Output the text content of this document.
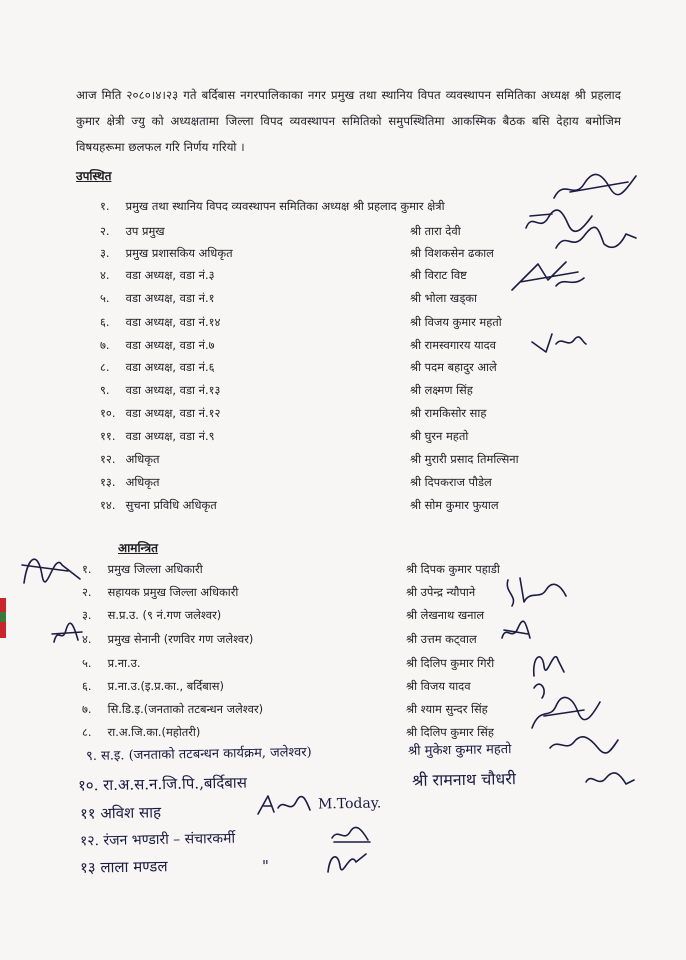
आज मिति २०८०।४।२३ गते बर्दिबास नगरपालिकाका नगर प्रमुख तथा स्थानिय विपत व्यवस्थापन समितिका अध्यक्ष श्री प्रहलाद कुमार क्षेत्री ज्यु को अध्यक्षतामा जिल्ला विपद व्यवस्थापन समितिको समुपस्थितिमा आकस्मिक बैठक बसि देहाय बमोजिम विषयहरूमा छलफल गरि निर्णय गरियो ।
उपस्थित
१. प्रमुख तथा स्थानिय विपद व्यवस्थापन समितिका अध्यक्ष श्री प्रहलाद कुमार क्षेत्री
२. उप प्रमुख	श्री तारा देवी
३. प्रमुख प्रशासकिय अधिकृत	श्री विशकसेन ढकाल
४. वडा अध्यक्ष, वडा नं.३	श्री विराट विष्ट
५. वडा अध्यक्ष, वडा नं.१	श्री भोला खड्का
६. वडा अध्यक्ष, वडा नं.१४	श्री विजय कुमार महतो
७. वडा अध्यक्ष, वडा नं.७	श्री रामस्वगारय यादव
८. वडा अध्यक्ष, वडा नं.६	श्री पदम बहादुर आले
९. वडा अध्यक्ष, वडा नं.१३	श्री लक्ष्मण सिंह
१०. वडा अध्यक्ष, वडा नं.१२	श्री रामकिसोर साह
११. वडा अध्यक्ष, वडा नं.९	श्री घुरन महतो
१२. अधिकृत	श्री मुरारी प्रसाद तिमल्सिना
१३. अधिकृत	श्री दिपकराज पौडेल
१४. सुचना प्रविधि अधिकृत	श्री सोम कुमार फुयाल
आमन्त्रित
१. प्रमुख जिल्ला अधिकारी	श्री दिपक कुमार पहाडी
२. सहायक प्रमुख जिल्ला अधिकारी	श्री उपेन्द्र न्यौपाने
३. स.प्र.उ. (९ नं.गण जलेश्वर)	श्री लेखनाथ खनाल
४. प्रमुख सेनानी (रणविर गण जलेश्वर)	श्री उत्तम कट्वाल
५. प्र.ना.उ.	श्री दिलिप कुमार गिरी
६. प्र.ना.उ.(इ.प्र.का., बर्दिबास)	श्री विजय यादव
७. सि.डि.इ.(जनताको तटबन्धन जलेश्वर)	श्री श्याम सुन्दर सिंह
८. रा.अ.जि.का.(महोतरी)	श्री दिलिप कुमार सिंह
९. स.इ. (जनताको तटबन्धन कार्यक्रम, जलेश्वर)	श्री मुकेश कुमार महतो
१०. रा.अ.स.न.जि.पि.,बर्दिबास	श्री रामनाथ चौधरी
११ अविश साह	M.Today.
१२. रंजन भण्डारी – संचारकर्मी
१३ लाला मण्डल	"
